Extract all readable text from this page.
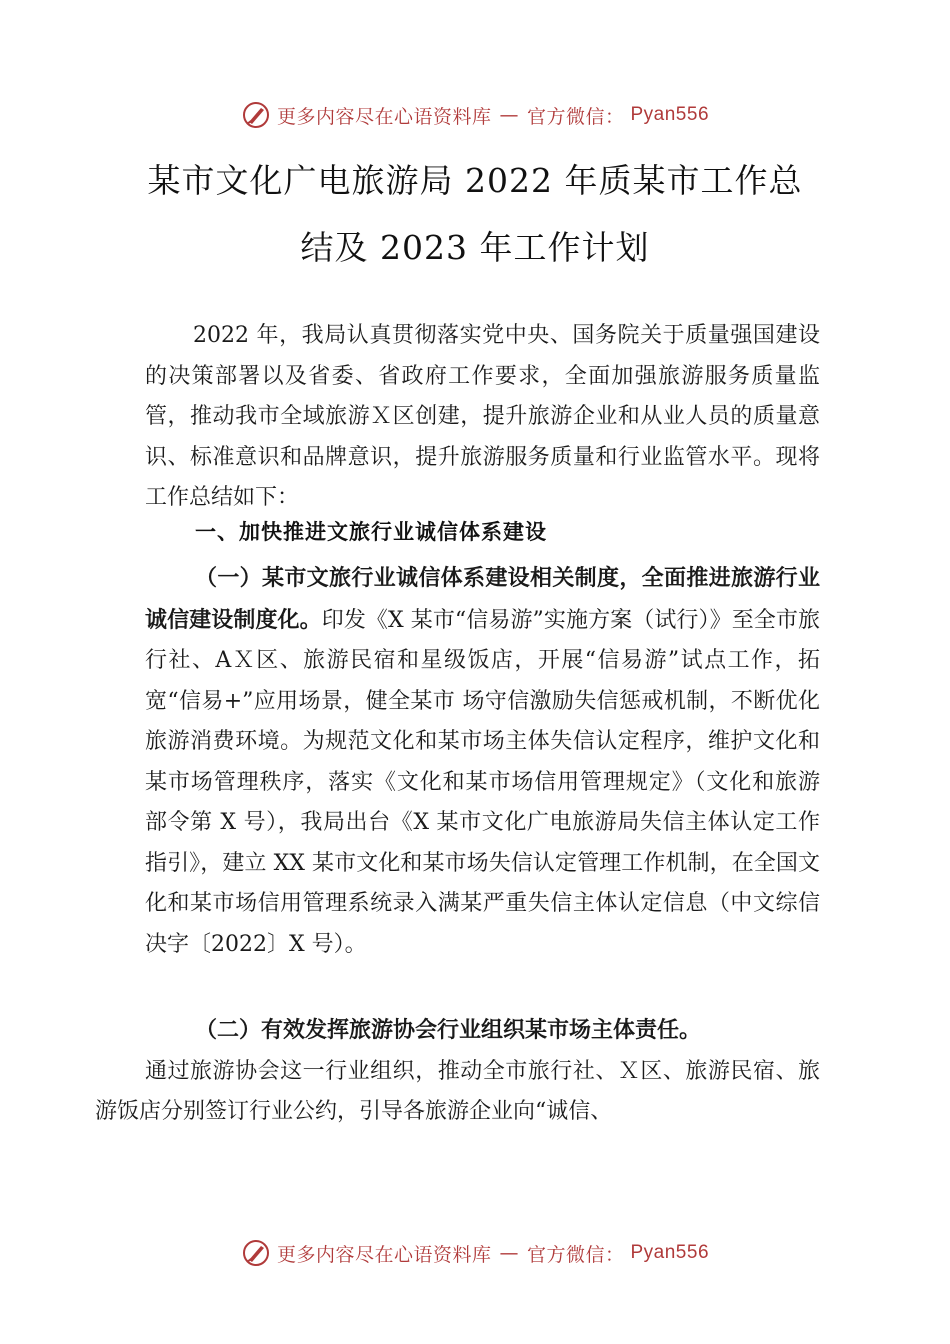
更多内容尽在心语资料库 — 官方微信： Pyan556
某市文化广电旅游局 2022 年质某市工作总
结及 2023 年工作计划
2022 年，我局认真贯彻落实党中央、国务院关于质量强国建设的决策部署以及省委、省政府工作要求，全面加强旅游服务质量监管，推动我市全域旅游Ｘ区创建，提升旅游企业和从业人员的质量意识、标准意识和品牌意识，提升旅游服务质量和行业监管水平。现将工作总结如下：
一、加快推进文旅行业诚信体系建设
（一）某市文旅行业诚信体系建设相关制度，全面推进旅游行业诚信建设制度化。印发《X 某市“信易游”实施方案（试行）》至全市旅行社、AＸ区、旅游民宿和星级饭店，开展“信易游”试点工作，拓宽“信易+”应用场景，健全某市 场守信激励失信惩戒机制，不断优化旅游消费环境。为规范文化和某市场主体失信认定程序，维护文化和某市场管理秩序，落实《文化和某市场信用管理规定》（文化和旅游 部令第 X 号），我局出台《X 某市文化广电旅游局失信主体认定工作指引》，建立 XX 某市文化和某市场失信认定管理工作机制，在全国文化和某市场信用管理系统录入满某严重失信主体认定信息（中文综信决字〔2022〕X 号）。
（二）有效发挥旅游协会行业组织某市场主体责任。
通过旅游协会这一行业组织，推动全市旅行社、Ｘ区、旅游民宿、旅游饭店分别签订行业公约，引导各旅游企业向“诚信、
更多内容尽在心语资料库 — 官方微信： Pyan556
